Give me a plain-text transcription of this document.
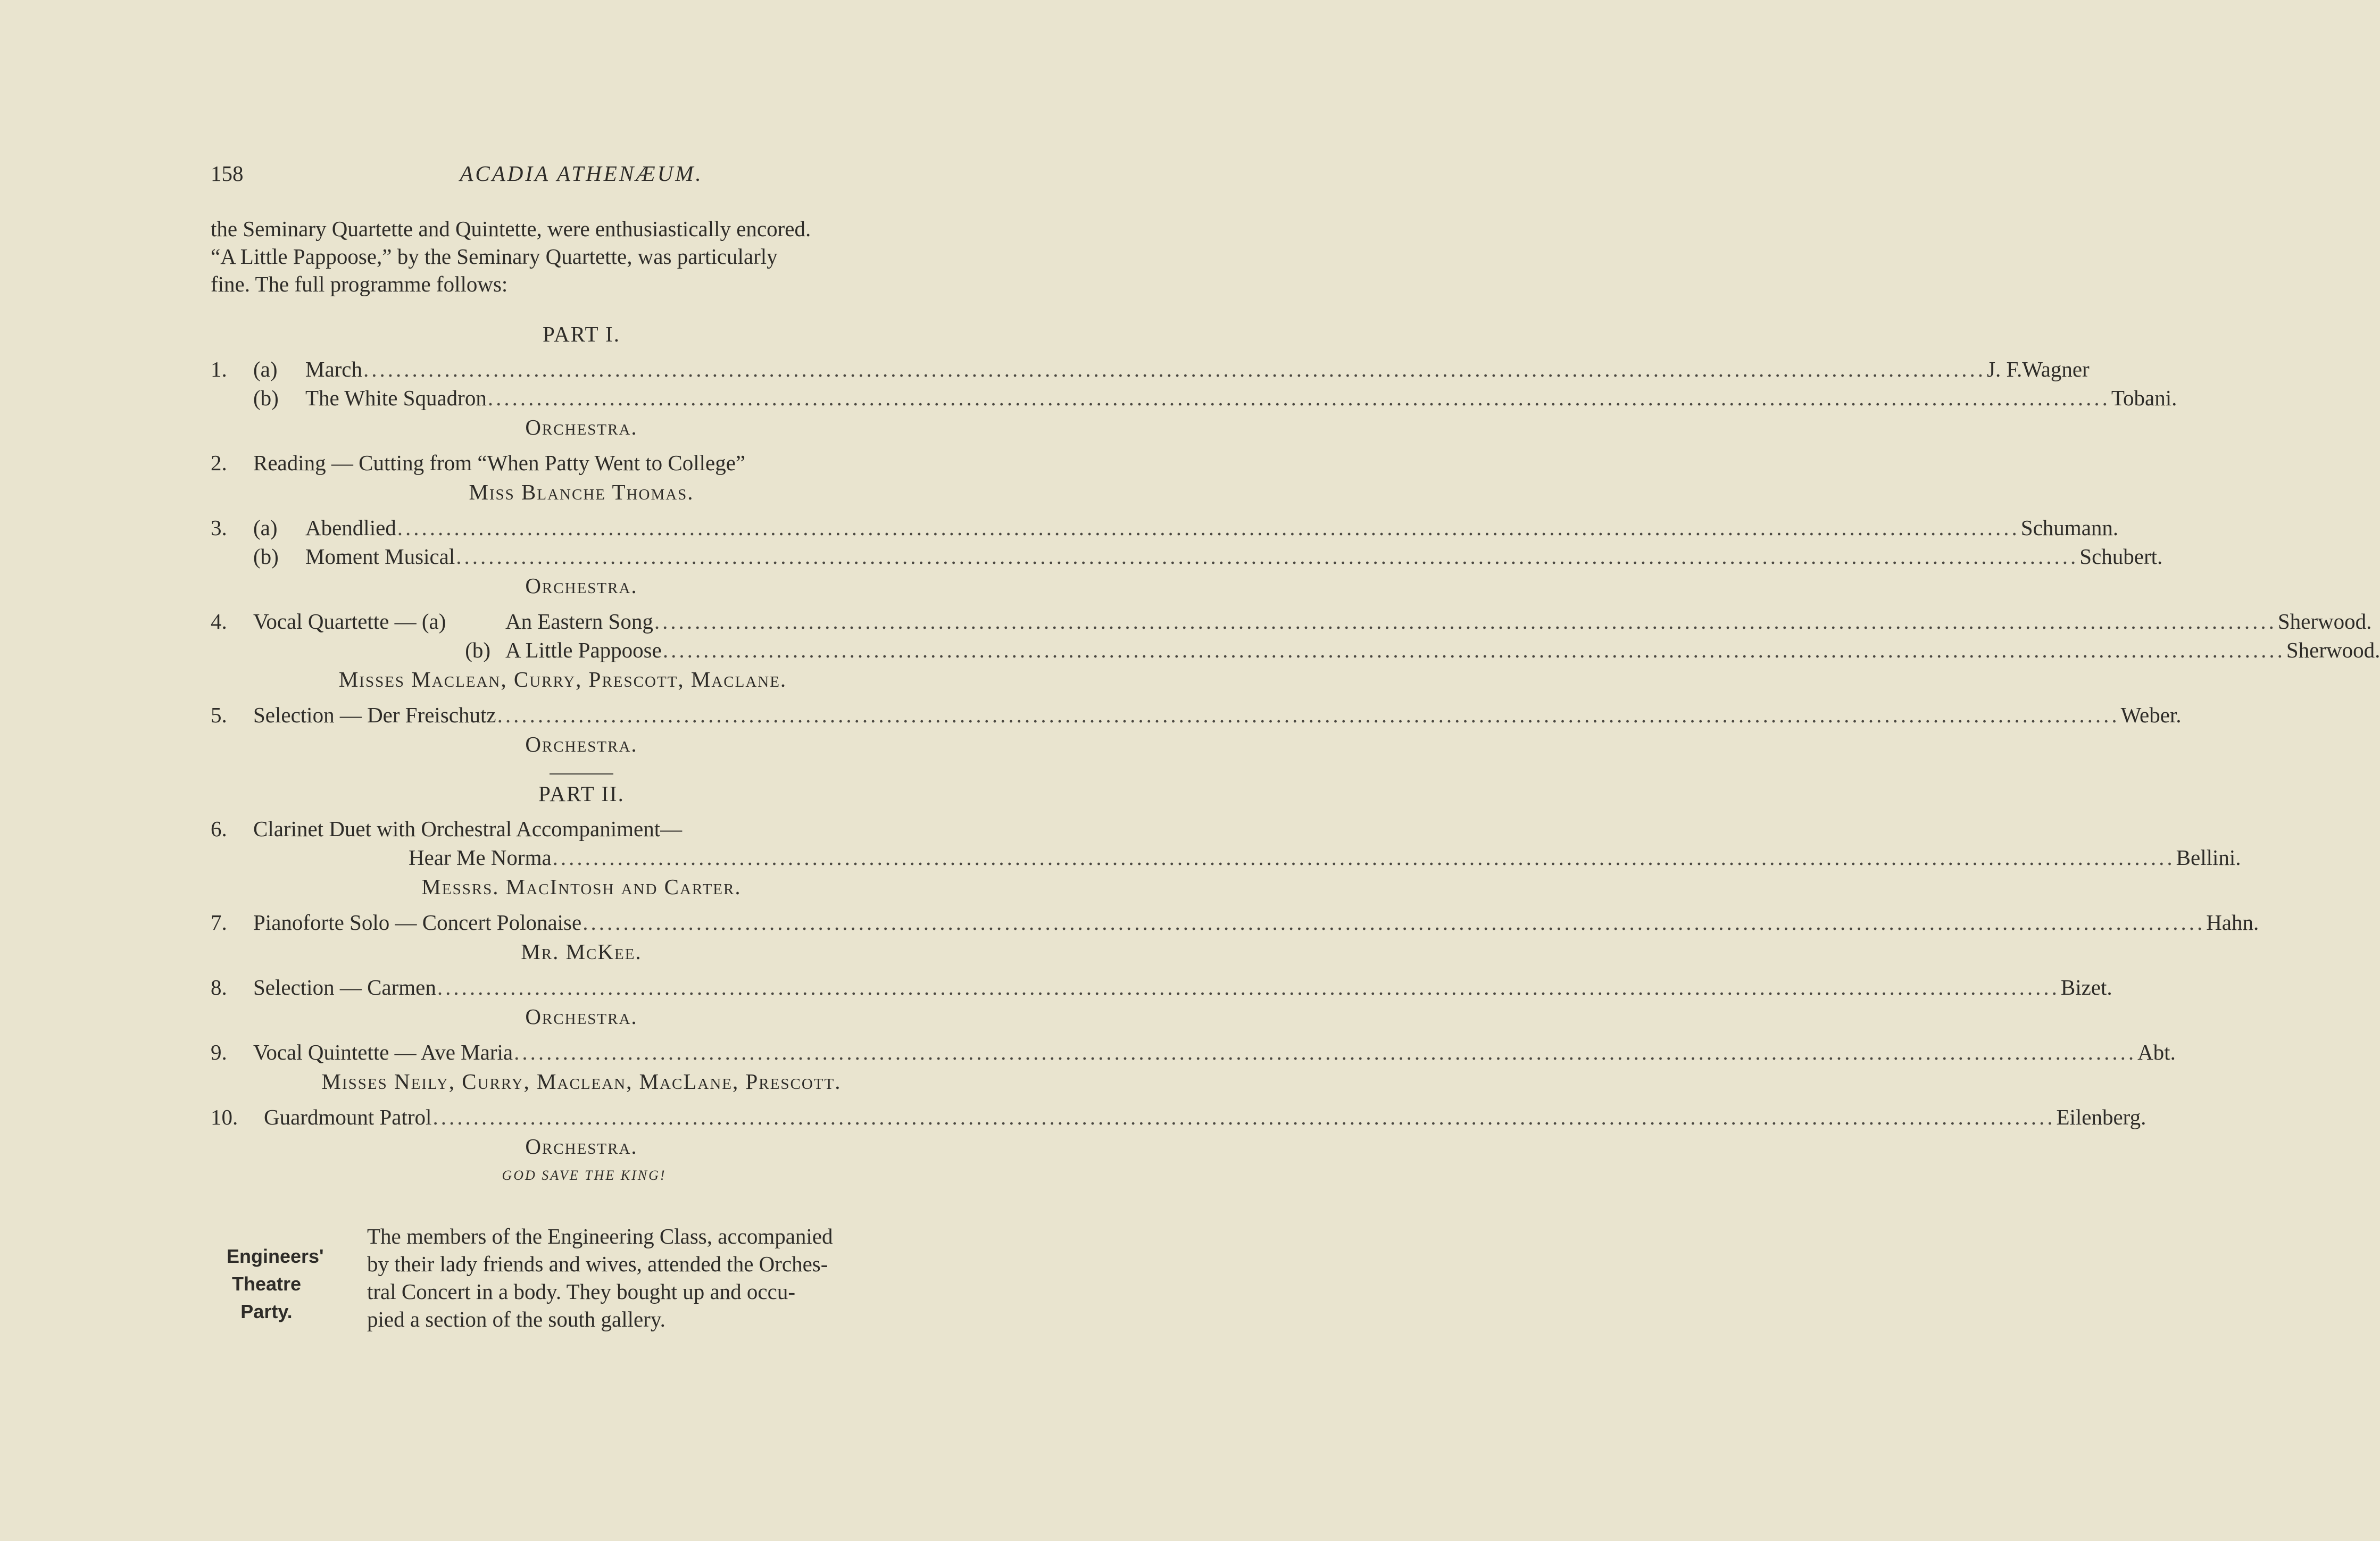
158	ACADIA ATHENÆUM.

the Seminary Quartette and Quintette, were enthusiastically encored.

“A Little Pappoose,” by the Seminary Quartette, was particularly

fine. The full programme follows:

PART I.
1.	(a)	March ........................................................................................................................................................................................................ J. F.Wagner
(b)	The White Squadron ........................................................................................................................................................................................................ Tobani.
Orchestra.
2.	Reading — Cutting from “When Patty Went to College”
Miss Blanche Thomas.
3.	(a)	Abendlied ........................................................................................................................................................................................................ Schumann.
(b)	Moment Musical ........................................................................................................................................................................................................ Schubert.
Orchestra.
4.	Vocal Quartette — (a)	An Eastern Song ........................................................................................................................................................................................................ Sherwood.
(b) A Little Pappoose ........................................................................................................................................................................................................ Sherwood.
Misses Maclean, Curry, Prescott, Maclane.
5.	Selection — Der Freischutz ........................................................................................................................................................................................................ Weber.
Orchestra.
PART II.
6.	Clarinet Duet with Orchestral Accompaniment—
Hear Me Norma ........................................................................................................................................................................................................ Bellini.
Messrs. MacIntosh and Carter.
7.	Pianoforte Solo — Concert Polonaise ........................................................................................................................................................................................................ Hahn.
Mr. McKee.
8.	Selection — Carmen ........................................................................................................................................................................................................ Bizet.
Orchestra.
9.	Vocal Quintette — Ave Maria ........................................................................................................................................................................................................ Abt.
Misses Neily, Curry, Maclean, MacLane, Prescott.
10.	Guardmount Patrol ........................................................................................................................................................................................................ Eilenberg.
Orchestra.
GOD SAVE THE KING!
Engineers'
Theatre
Party.

The members of the Engineering Class, accompanied

by their lady friends and wives, attended the Orches-

tral Concert in a body. They bought up and occu-

pied a section of the south gallery.
